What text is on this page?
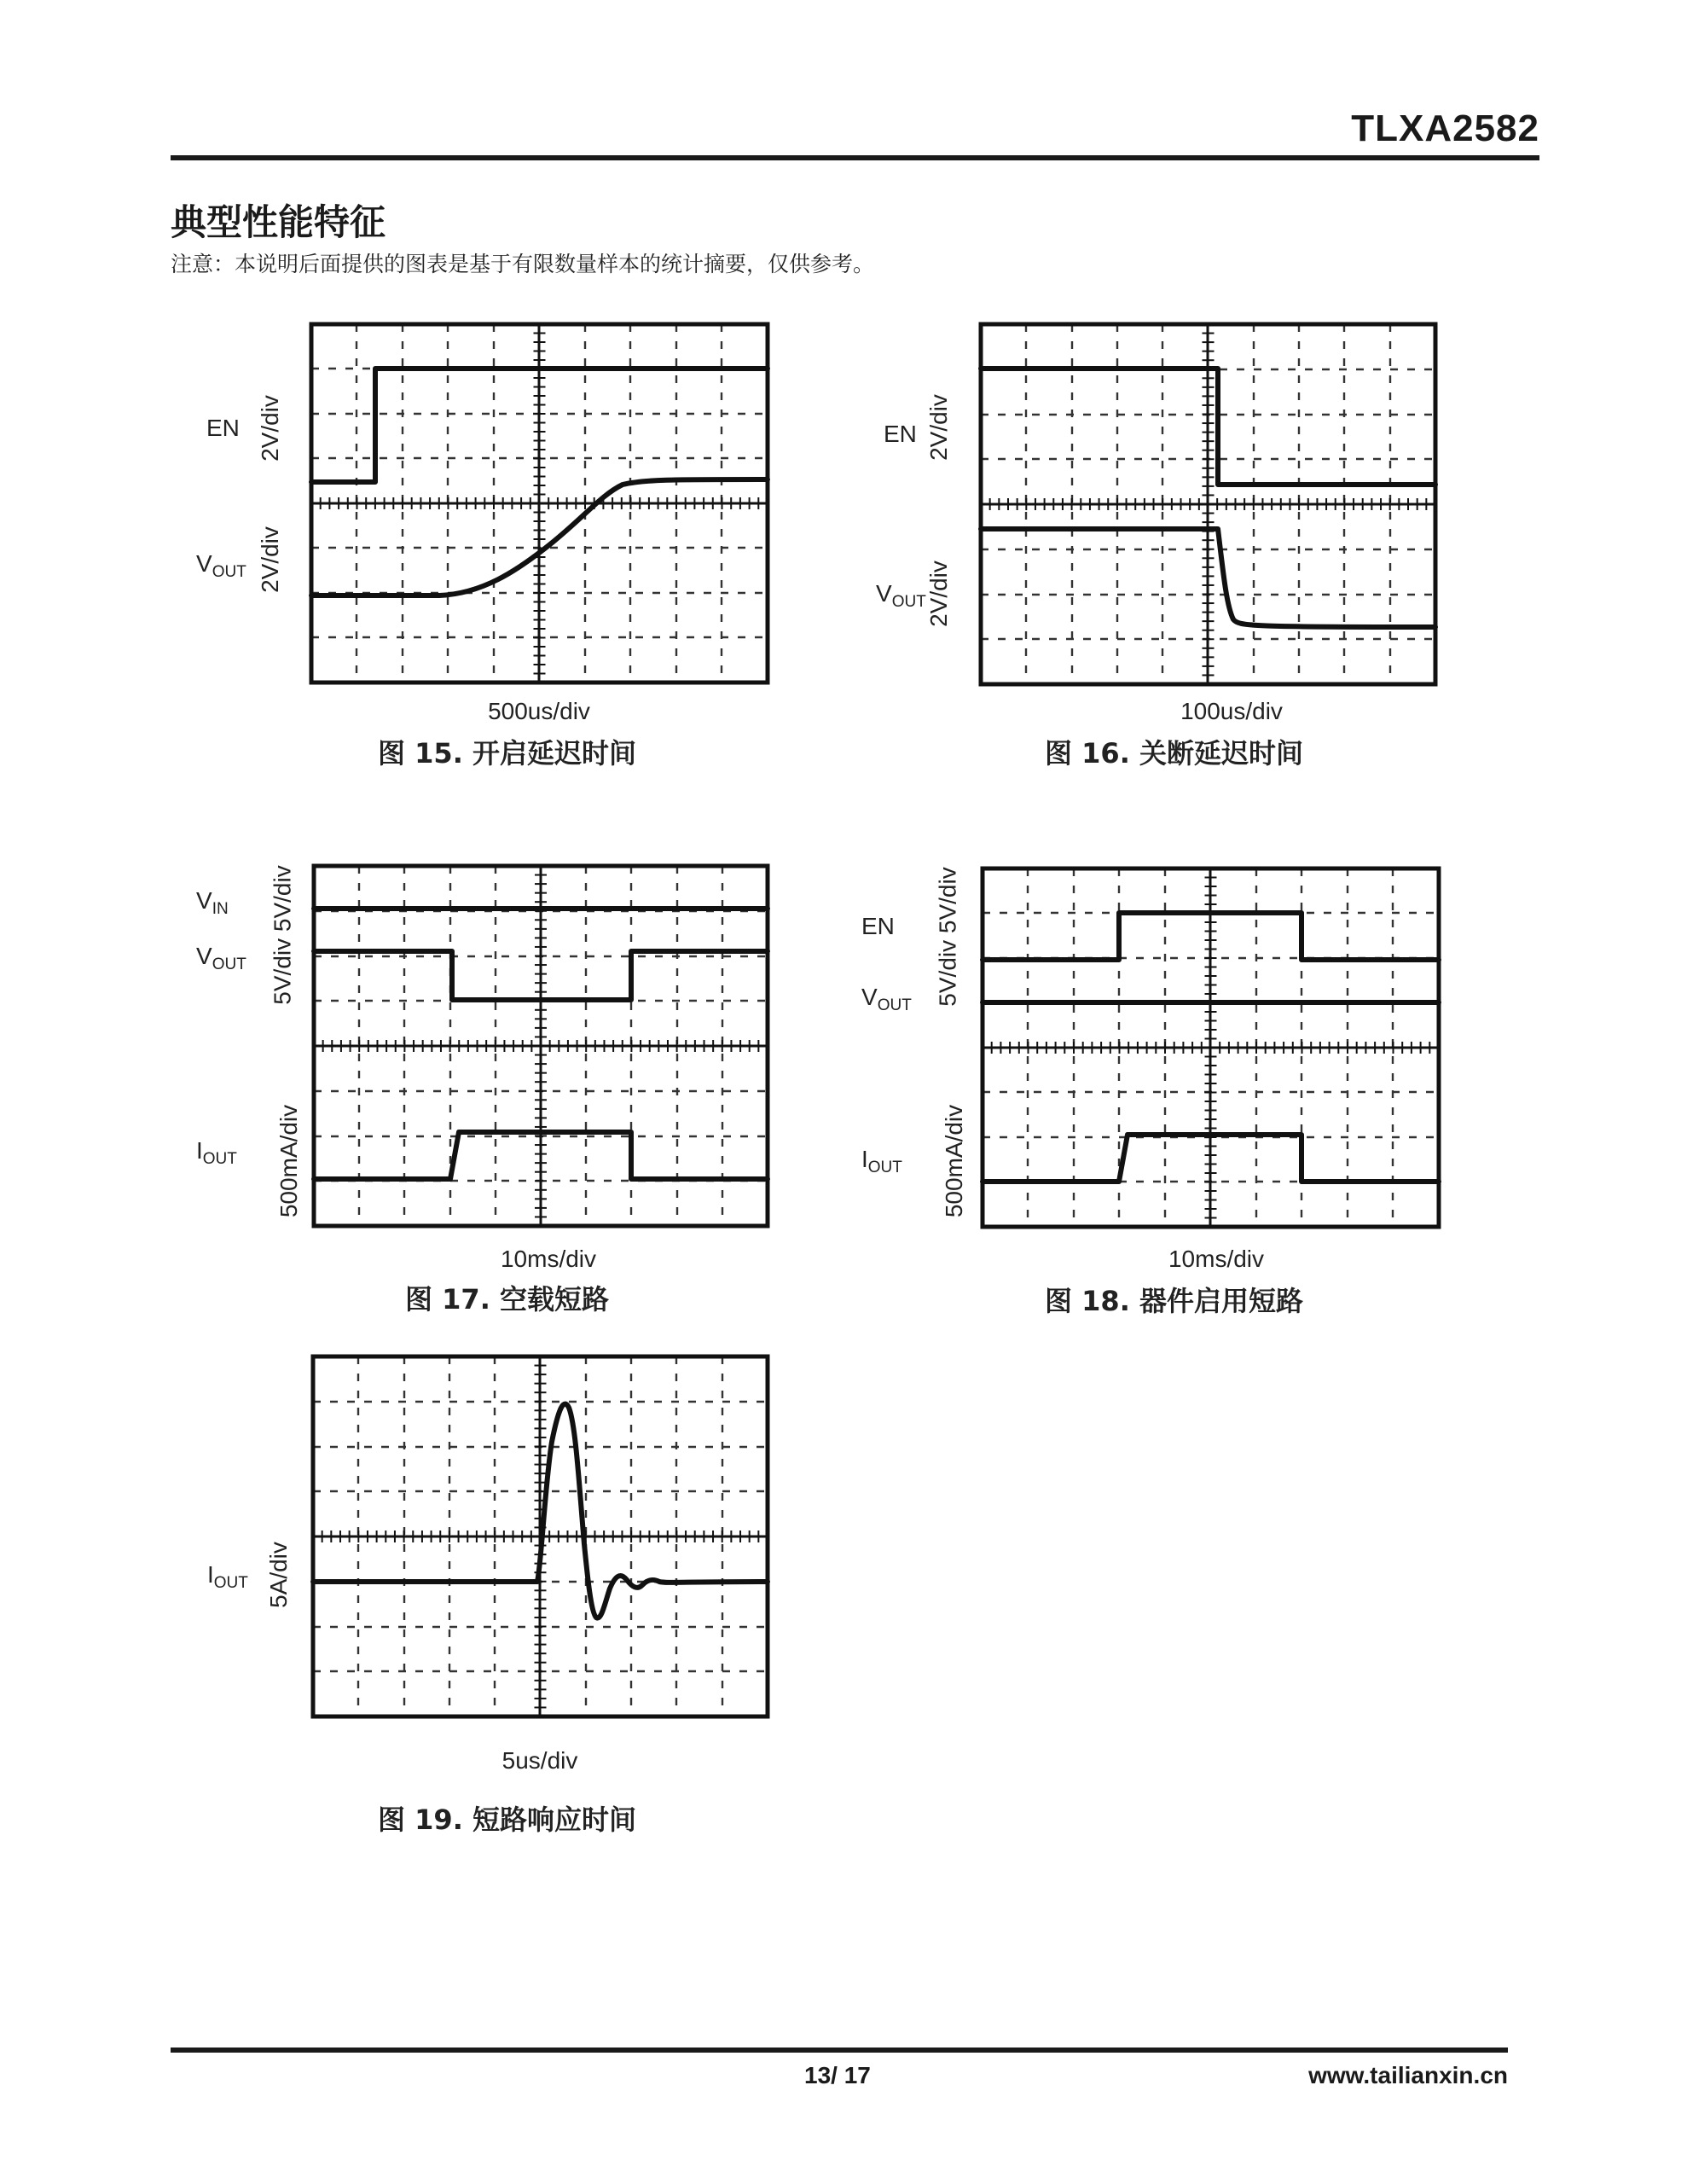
TLXA2582
典型性能特征
注意：本说明后面提供的图表是基于有限数量样本的统计摘要，仅供参考。
EN
$V_{OUT}$
2V/div
2V/div
500us/div
图 15. 开启延迟时间
EN
$V_{OUT}$
2V/div
2V/div
100us/div
图 16. 关断延迟时间
$V_{IN}$
$V_{OUT}$
$I_{OUT}$
5V/div 5V/div
500mA/div
10ms/div
图 17. 空载短路
EN
$V_{OUT}$
$I_{OUT}$
5V/div 5V/div
500mA/div
10ms/div
图 18. 器件启用短路
$I_{OUT}$ 5A/div
5us/div
图 19. 短路响应时间
13/ 17	www.tailianxin.cn
